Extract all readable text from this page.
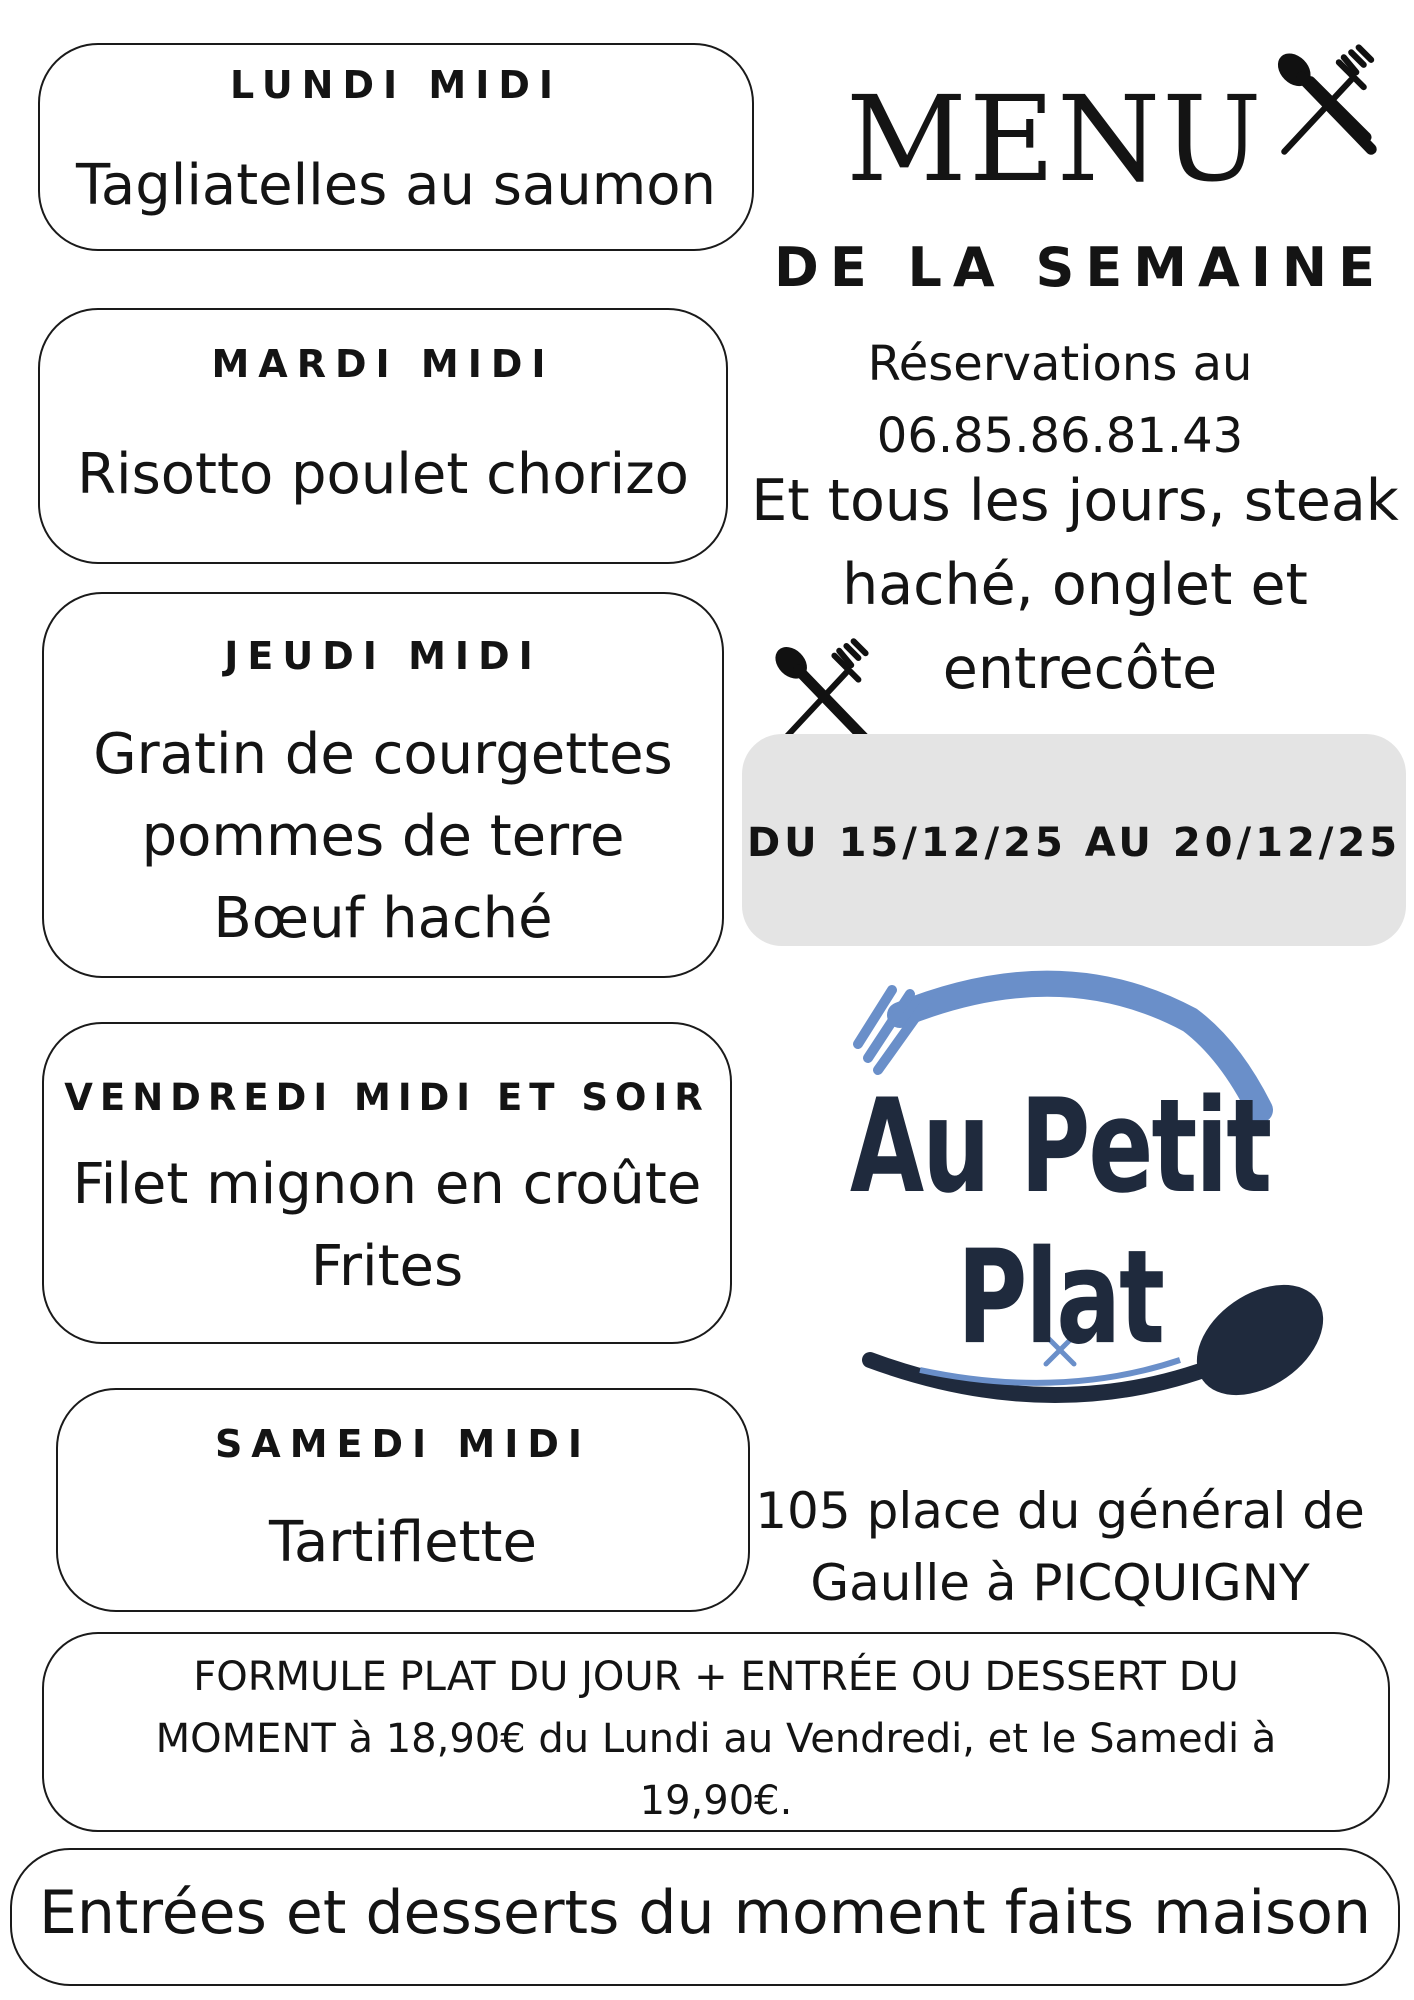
LUNDI MIDI
Tagliatelles au saumon
MARDI MIDI
Risotto poulet chorizo
JEUDI MIDI
Gratin de courgettes
pommes de terre
Bœuf haché
VENDREDI MIDI ET SOIR
Filet mignon en croûte
Frites
SAMEDI MIDI
Tartiflette
MENU
DE LA SEMAINE
Réservations au
06.85.86.81.43
Et tous les jours, steak
haché, onglet et
entrecôte
DU 15/12/25 AU 20/12/25
Au Petit Plat
105 place du général de
Gaulle à PICQUIGNY
FORMULE PLAT DU JOUR + ENTRÉE OU DESSERT DU
MOMENT à 18,90€ du Lundi au Vendredi, et le Samedi à
19,90€.
Entrées et desserts du moment faits maison
